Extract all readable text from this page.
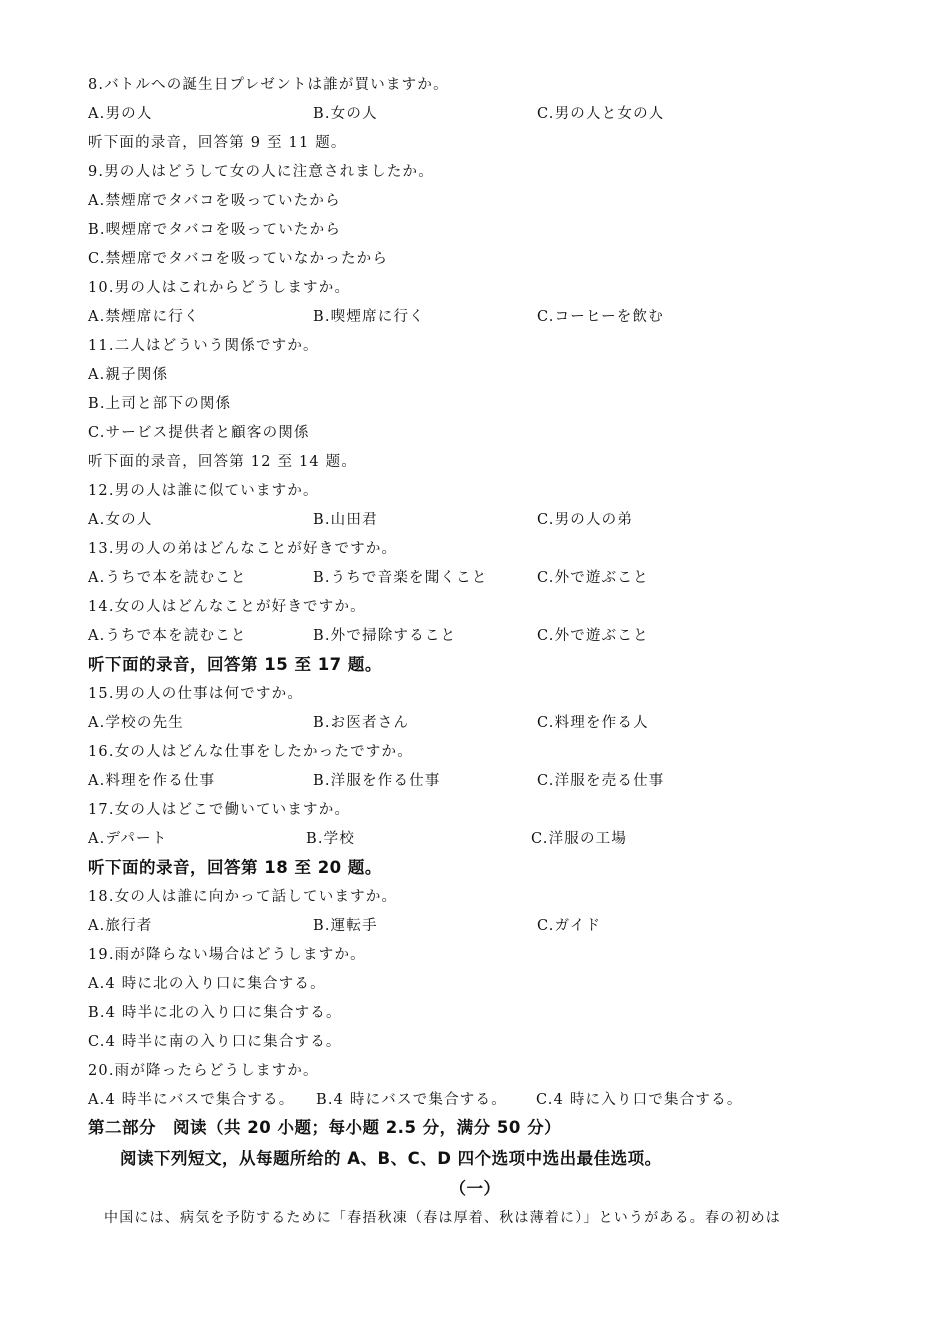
8.バトルへの誕生日プレゼントは誰が買いますか。
A.男の人	B.女の人	C.男の人と女の人
听下面的录音，回答第 9 至 11 题。
9.男の人はどうして女の人に注意されましたか。
A.禁煙席でタバコを吸っていたから
B.喫煙席でタバコを吸っていたから
C.禁煙席でタバコを吸っていなかったから
10.男の人はこれからどうしますか。
A.禁煙席に行く	B.喫煙席に行く	C.コーヒーを飲む
11.二人はどういう関係ですか。
A.親子関係
B.上司と部下の関係
C.サービス提供者と顧客の関係
听下面的录音，回答第 12 至 14 题。
12.男の人は誰に似ていますか。
A.女の人	B.山田君	C.男の人の弟
13.男の人の弟はどんなことが好きですか。
A.うちで本を読むこと	B.うちで音楽を聞くこと	C.外で遊ぶこと
14.女の人はどんなことが好きですか。
A.うちで本を読むこと	B.外で掃除すること	C.外で遊ぶこと
听下面的录音，回答第 15 至 17 题。
15.男の人の仕事は何ですか。
A.学校の先生	B.お医者さん	C.料理を作る人
16.女の人はどんな仕事をしたかったですか。
A.料理を作る仕事	B.洋服を作る仕事	C.洋服を売る仕事
17.女の人はどこで働いていますか。
A.デパート	B.学校	C.洋服の工場
听下面的录音，回答第 18 至 20 题。
18.女の人は誰に向かって話していますか。
A.旅行者	B.運転手	C.ガイド
19.雨が降らない場合はどうしますか。
A.4 時に北の入り口に集合する。
B.4 時半に北の入り口に集合する。
C.4 時半に南の入り口に集合する。
20.雨が降ったらどうしますか。
A.4 時半にバスで集合する。 B.4 時にバスで集合する。 C.4 時に入り口で集合する。
第二部分　阅读（共 20 小题；每小题 2.5 分，满分 50 分）
阅读下列短文，从每题所给的 A、B、C、D 四个选项中选出最佳选项。
（一）
中国には、病気を予防するために「春捂秋凍（春は厚着、秋は薄着に）」というがある。春の初めは
